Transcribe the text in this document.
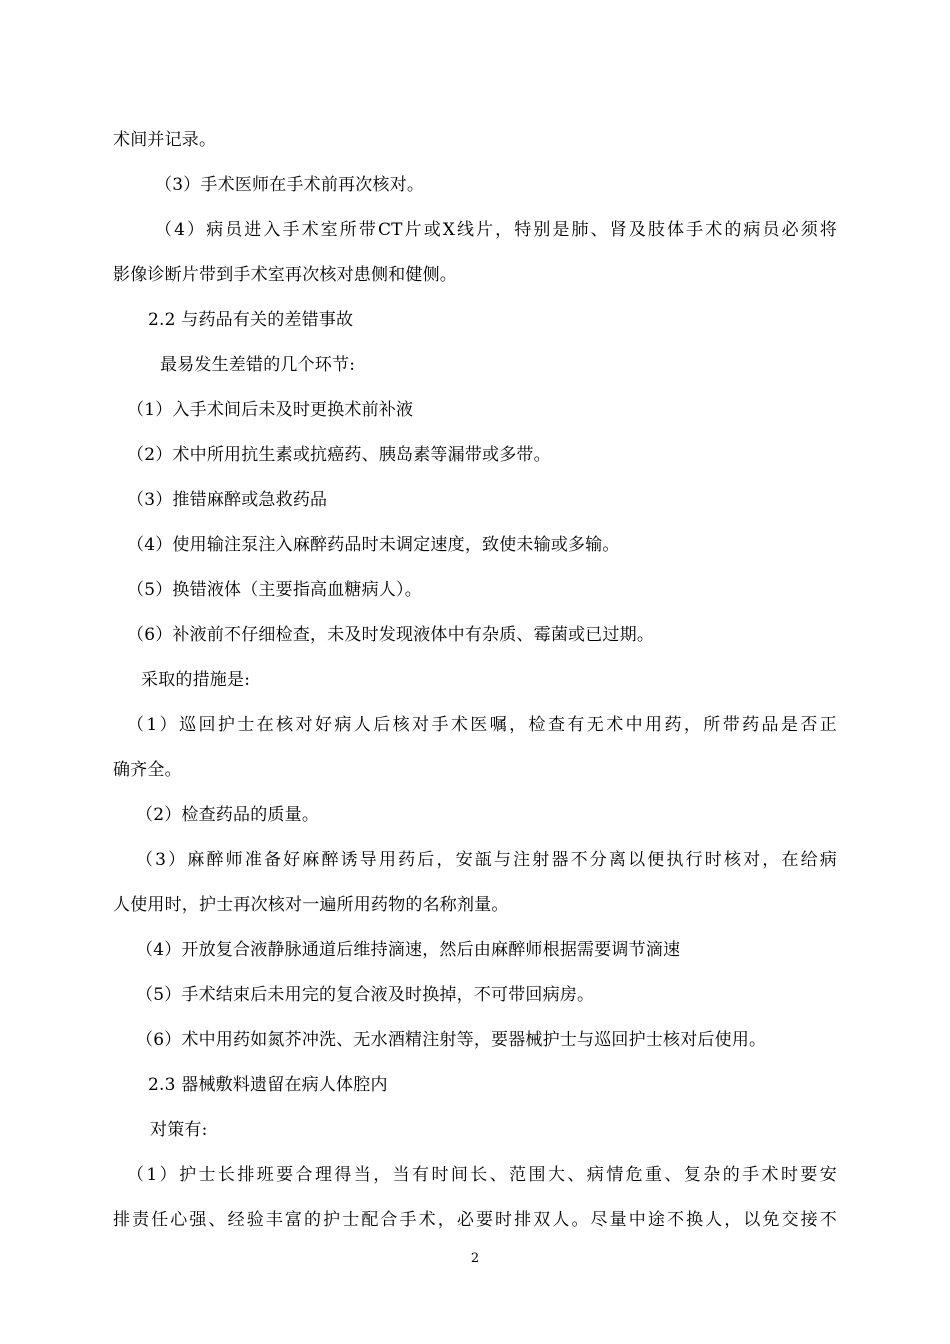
术间并记录。
（3）手术医师在手术前再次核对。
（4）病员进入手术室所带CT片或X线片，特别是肺、肾及肢体手术的病员必须将
影像诊断片带到手术室再次核对患侧和健侧。
2.2 与药品有关的差错事故
最易发生差错的几个环节:
（1）入手术间后未及时更换术前补液
（2）术中所用抗生素或抗癌药、胰岛素等漏带或多带。
（3）推错麻醉或急救药品
（4）使用输注泵注入麻醉药品时未调定速度，致使未输或多输。
（5）换错液体（主要指高血糖病人）。
（6）补液前不仔细检查，未及时发现液体中有杂质、霉菌或已过期。
采取的措施是:
（1）巡回护士在核对好病人后核对手术医嘱，检查有无术中用药，所带药品是否正
确齐全。
（2）检查药品的质量。
（3）麻醉师准备好麻醉诱导用药后，安瓿与注射器不分离以便执行时核对，在给病
人使用时，护士再次核对一遍所用药物的名称剂量。
（4）开放复合液静脉通道后维持滴速，然后由麻醉师根据需要调节滴速
（5）手术结束后未用完的复合液及时换掉，不可带回病房。
（6）术中用药如氮芥冲洗、无水酒精注射等，要器械护士与巡回护士核对后使用。
2.3 器械敷料遗留在病人体腔内
对策有:
（1）护士长排班要合理得当，当有时间长、范围大、病情危重、复杂的手术时要安
排责任心强、经验丰富的护士配合手术，必要时排双人。尽量中途不换人，以免交接不
2
